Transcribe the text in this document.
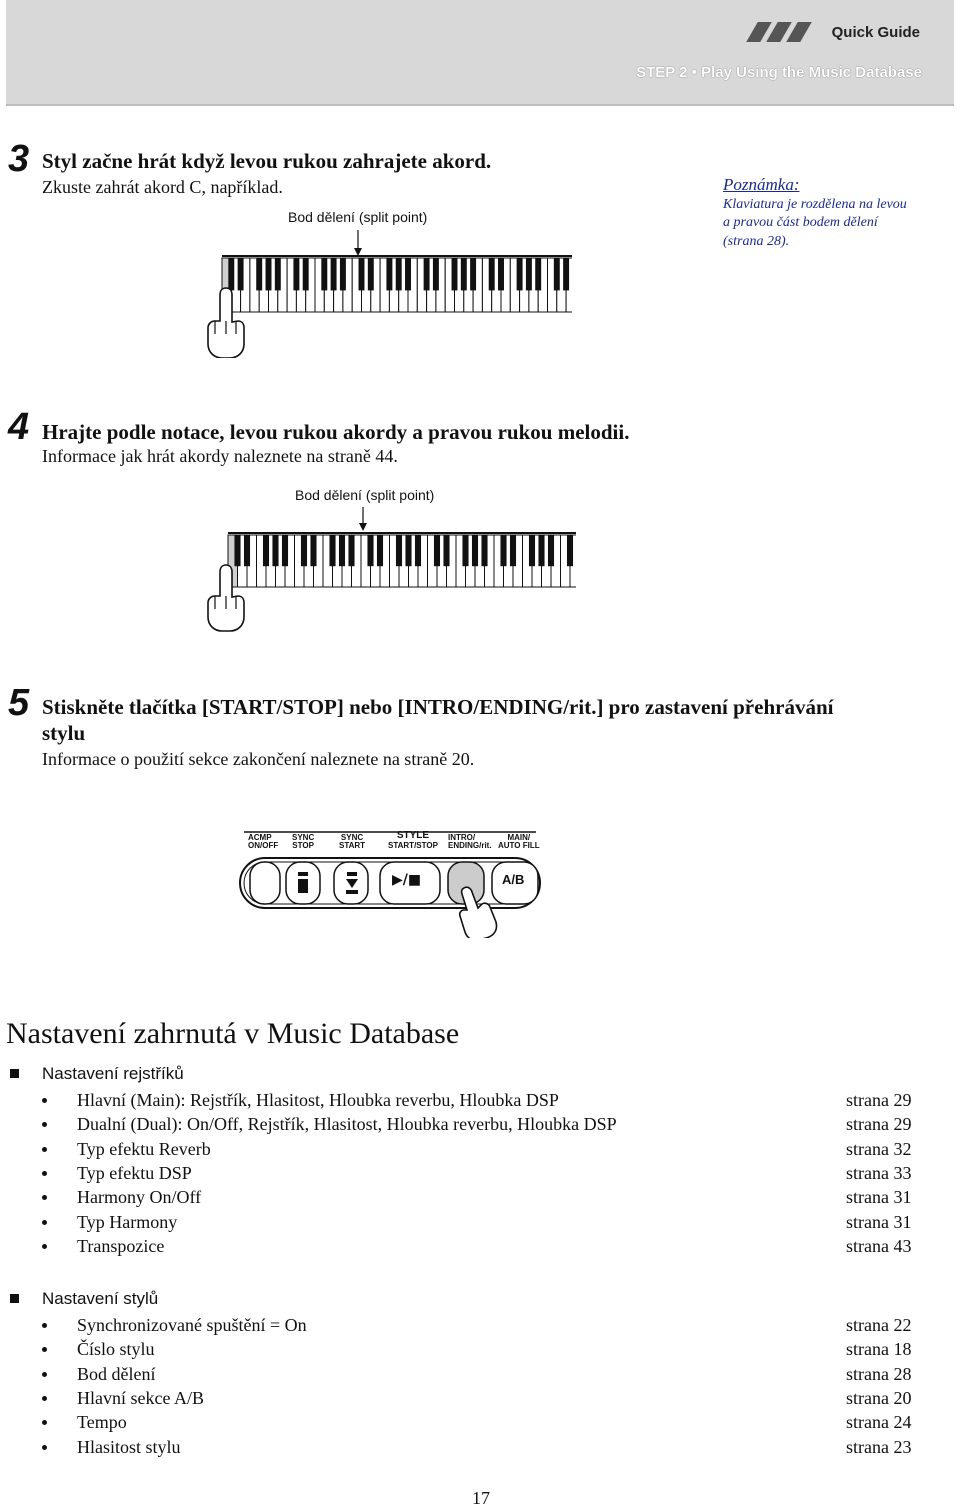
Quick Guide
STEP 2 • Play Using the Music Database
3 Styl začne hrát když levou rukou zahrajete akord.
Zkuste zahrát akord C, například.
Bod dělení (split point)
Poznámka:
Klaviatura je rozdělena na levou
a pravou část bodem dělení
(strana 28).
4 Hrajte podle notace, levou rukou akordy a pravou rukou melodii.
Informace jak hrát akordy naleznete na straně 44.
Bod dělení (split point)
5 Stiskněte tlačítka [START/STOP] nebo [INTRO/ENDING/rit.] pro zastavení přehrávání
stylu
Informace o použití sekce zakončení naleznete na straně 20.
ACMP
ON/OFF
SYNC
STOP
SYNC
START
STYLE
START/STOP
INTRO/
ENDING/rit.
MAIN/
AUTO FILL
▶/■	A/B
Nastavení zahrnutá v Music Database
Nastavení rejstříků
Hlavní (Main): Rejstřík, Hlasitost, Hloubka reverbu, Hloubka DSP	strana 29
Dualní (Dual): On/Off, Rejstřík, Hlasitost, Hloubka reverbu, Hloubka DSP	strana 29
Typ efektu Reverb	strana 32
Typ efektu DSP	strana 33
Harmony On/Off	strana 31
Typ Harmony	strana 31
Transpozice	strana 43
Nastavení stylů
Synchronizované spuštění = On	strana 22
Číslo stylu	strana 18
Bod dělení	strana 28
Hlavní sekce A/B	strana 20
Tempo	strana 24
Hlasitost stylu	strana 23
17
